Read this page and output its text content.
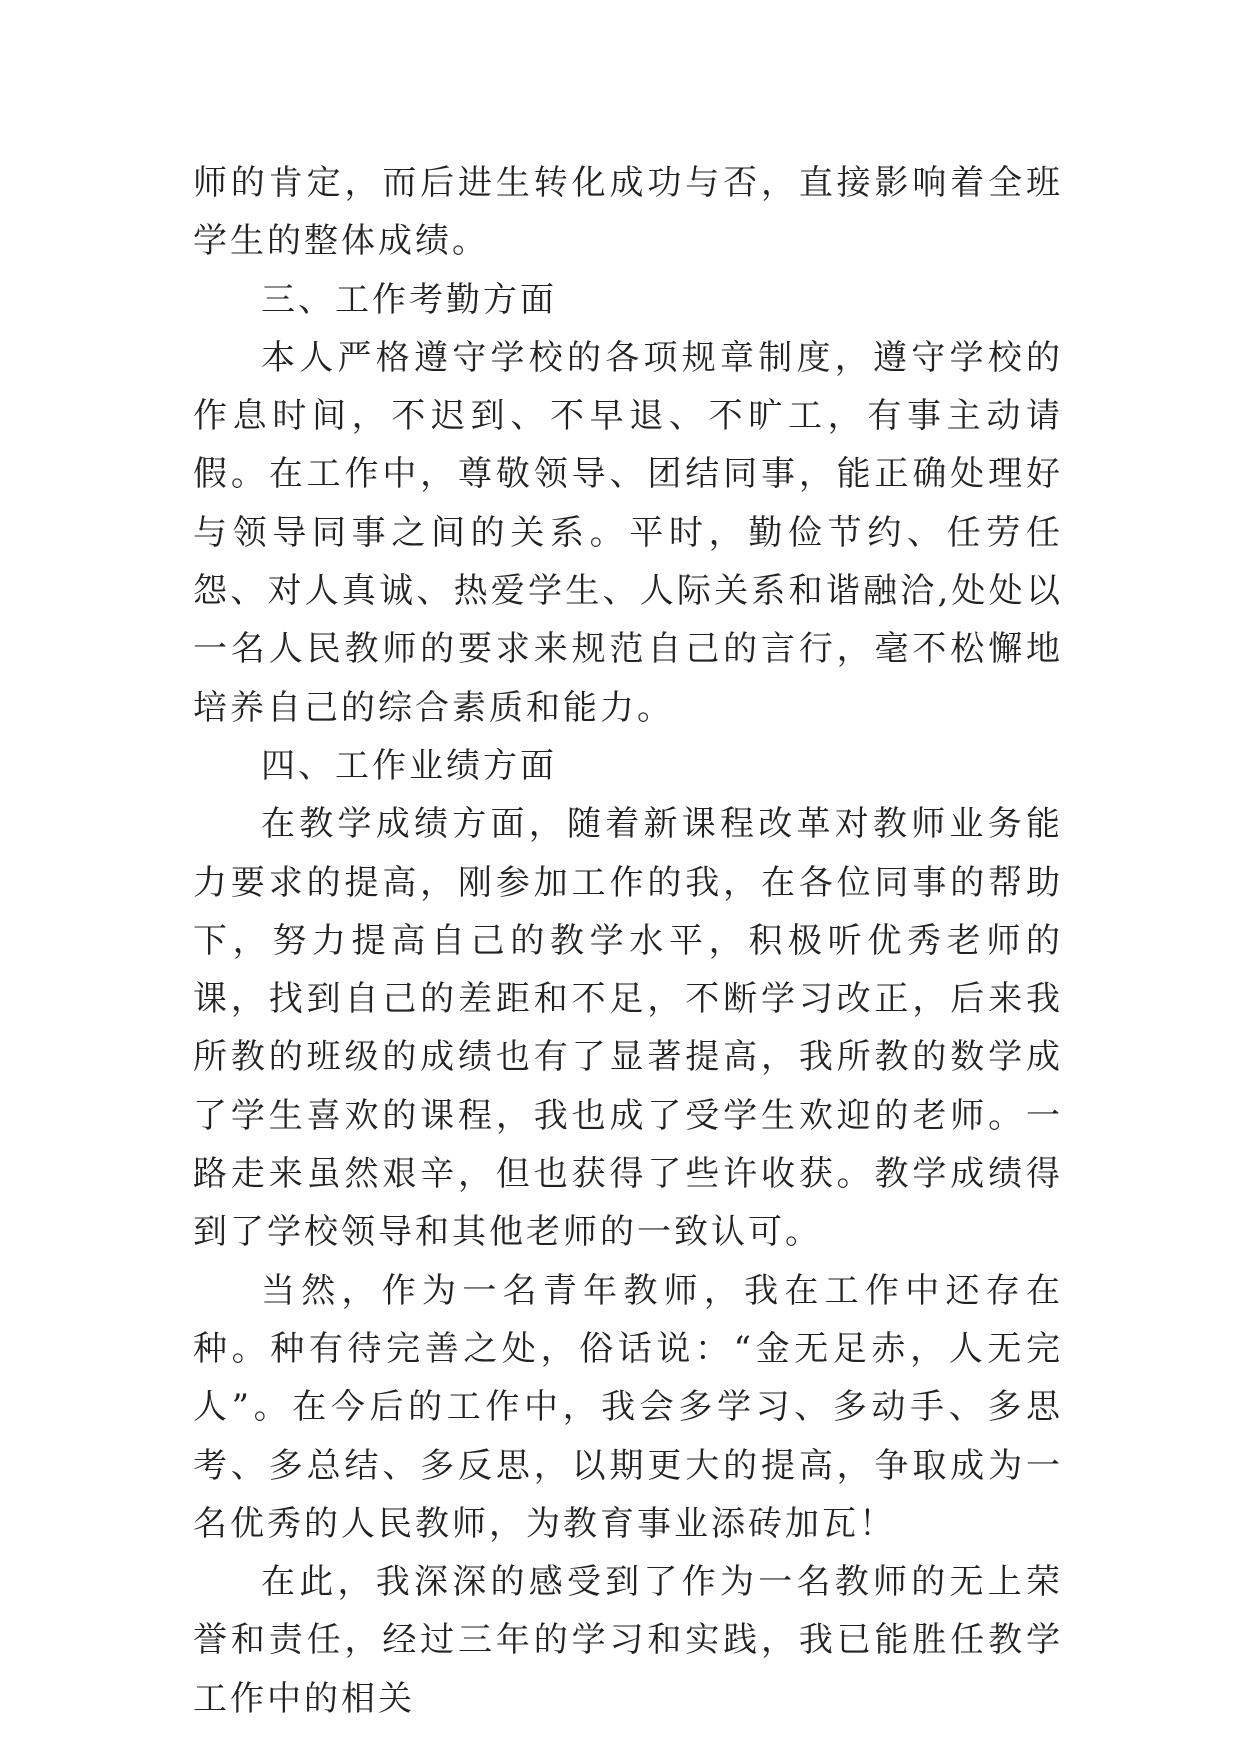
师的肯定，而后进生转化成功与否，直接影响着全班学生的整体成绩。

三、工作考勤方面

本人严格遵守学校的各项规章制度，遵守学校的作息时间，不迟到、不早退、不旷工，有事主动请假。在工作中，尊敬领导、团结同事，能正确处理好与领导同事之间的关系。平时，勤俭节约、任劳任怨、对人真诚、热爱学生、人际关系和谐融洽,处处以一名人民教师的要求来规范自己的言行，毫不松懈地培养自己的综合素质和能力。

四、工作业绩方面

在教学成绩方面，随着新课程改革对教师业务能力要求的提高，刚参加工作的我，在各位同事的帮助下，努力提高自己的教学水平，积极听优秀老师的课，找到自己的差距和不足，不断学习改正，后来我所教的班级的成绩也有了显著提高，我所教的数学成了学生喜欢的课程，我也成了受学生欢迎的老师。一路走来虽然艰辛，但也获得了些许收获。教学成绩得到了学校领导和其他老师的一致认可。

当然，作为一名青年教师，我在工作中还存在种。种有待完善之处，俗话说：“金无足赤，人无完人”。在今后的工作中，我会多学习、多动手、多思考、多总结、多反思，以期更大的提高，争取成为一名优秀的人民教师，为教育事业添砖加瓦！

在此，我深深的感受到了作为一名教师的无上荣誉和责任，经过三年的学习和实践，我已能胜任教学工作中的相关
